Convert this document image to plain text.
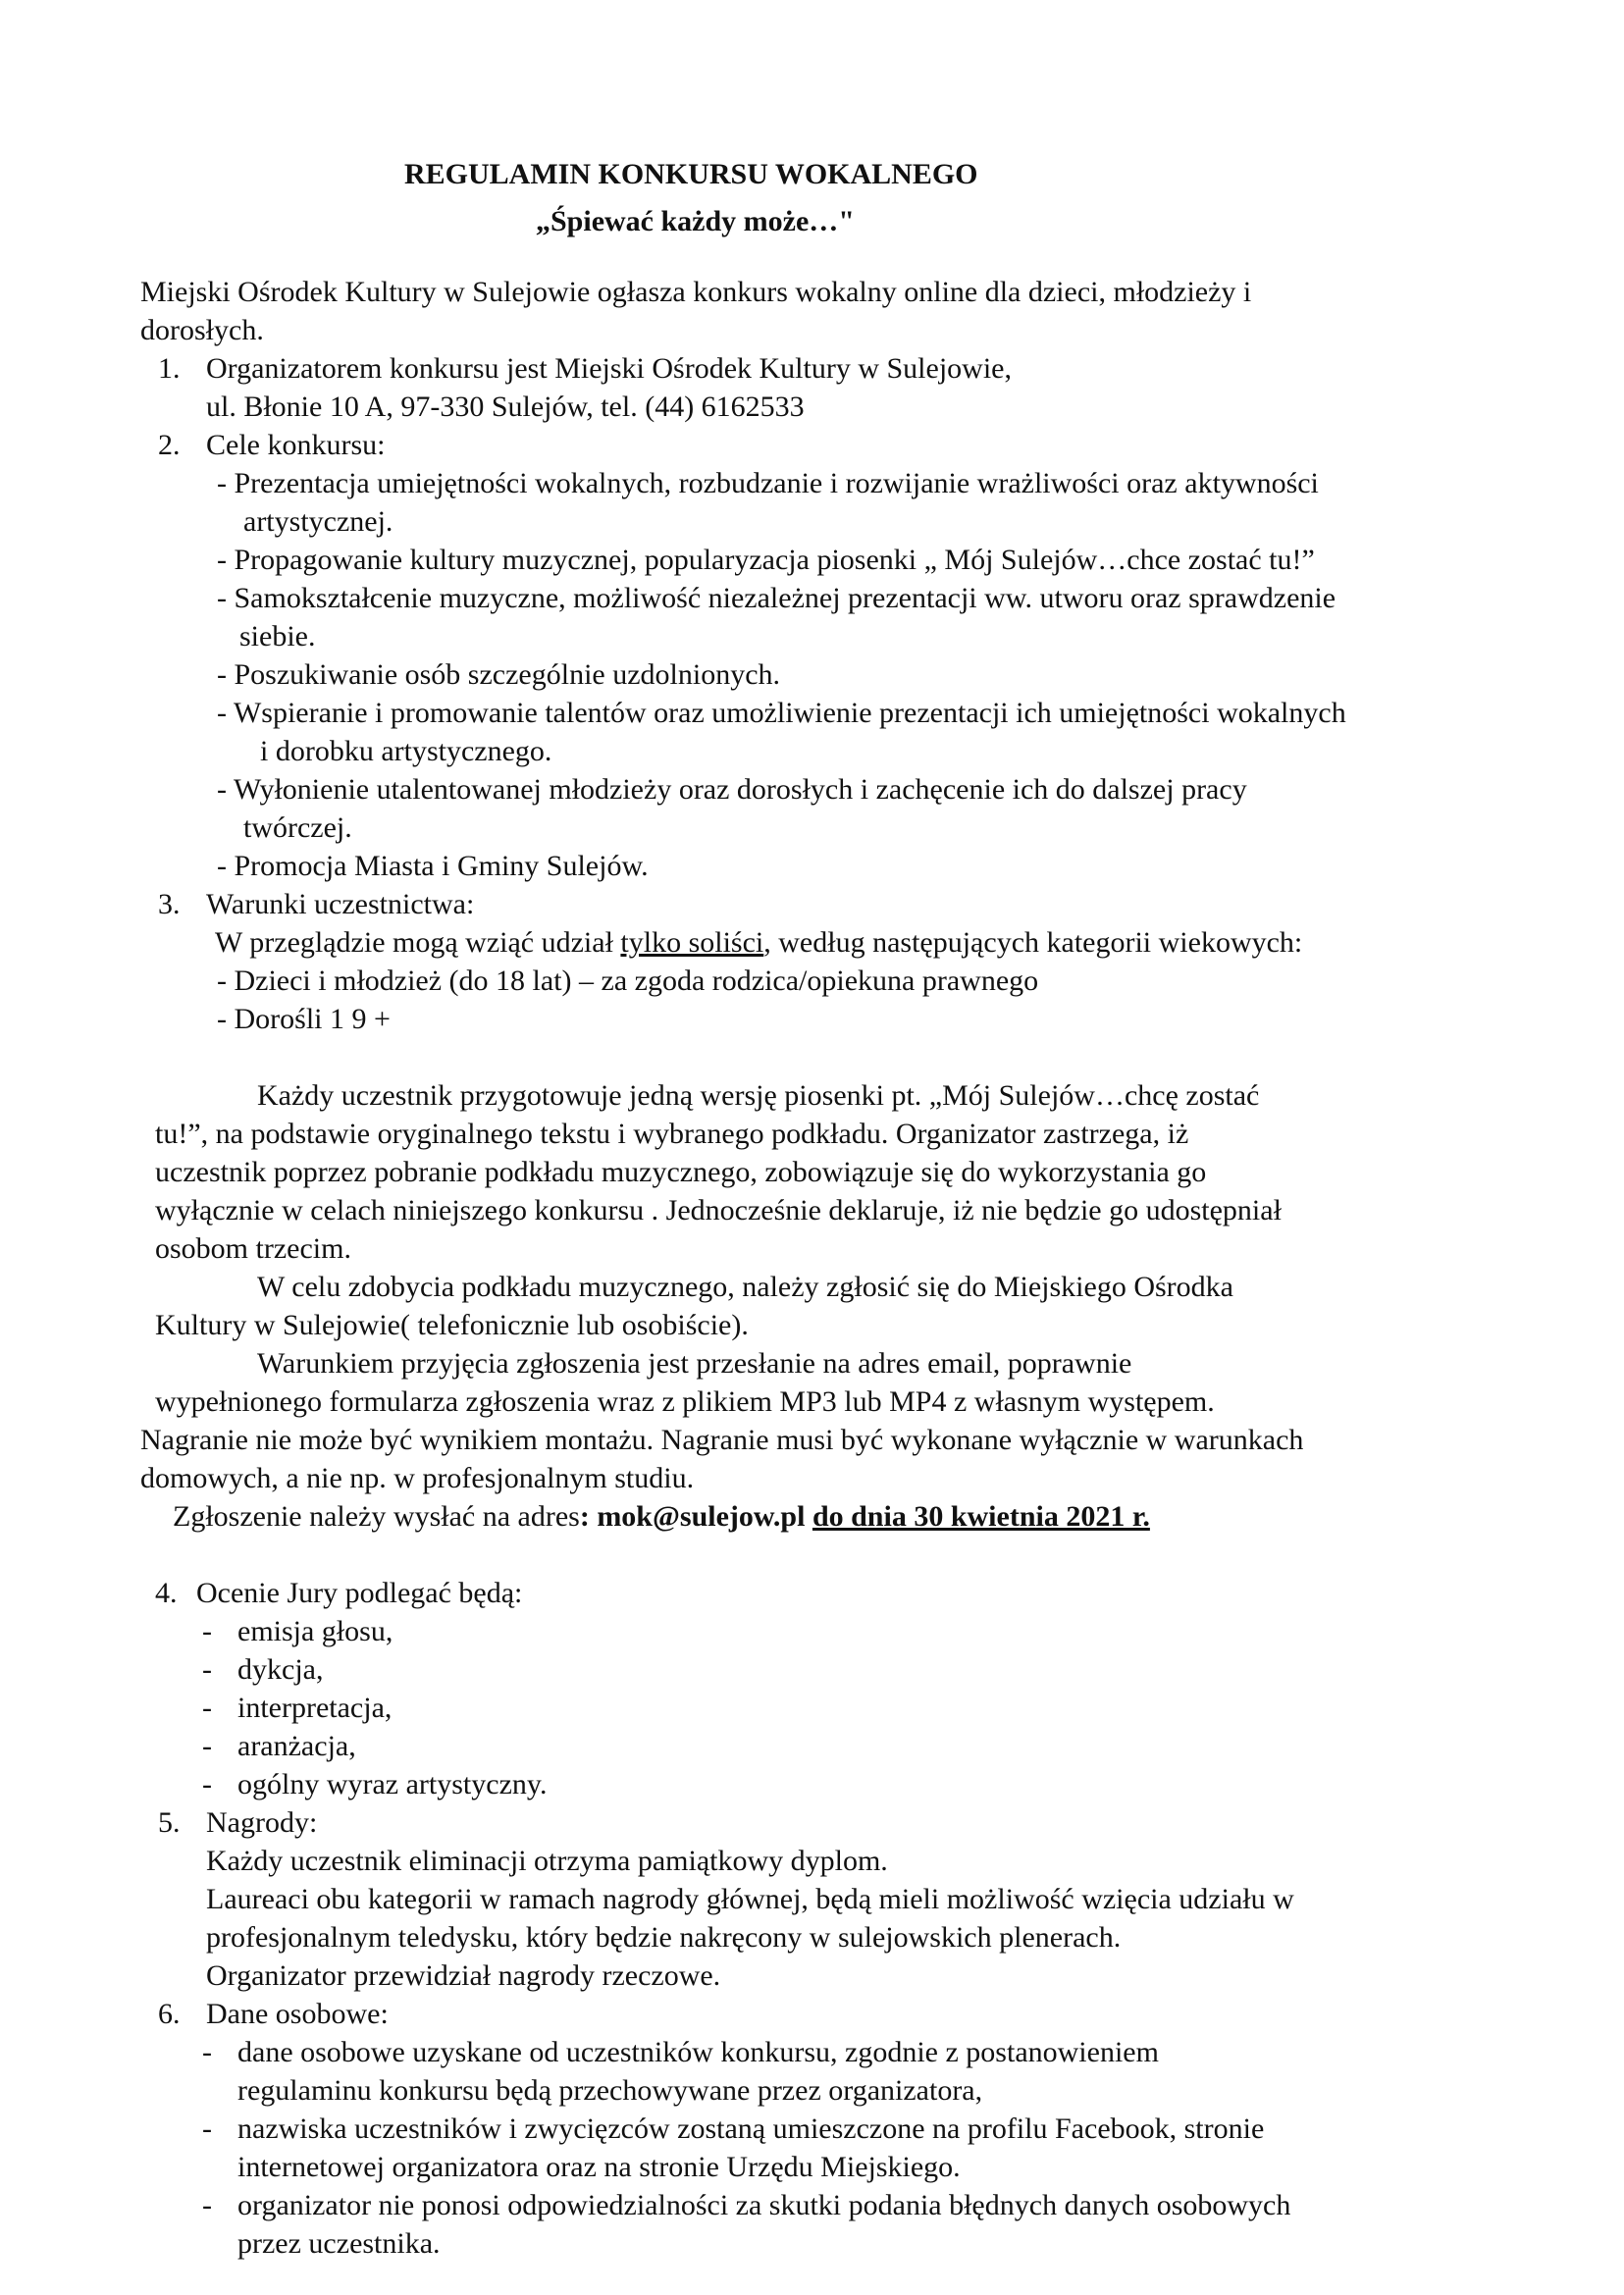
REGULAMIN KONKURSU WOKALNEGO

„Śpiewać każdy może…"

Miejski Ośrodek Kultury w Sulejowie ogłasza konkurs wokalny online dla dzieci, młodzieży i

dorosłych.

1. Organizatorem konkursu jest Miejski Ośrodek Kultury w Sulejowie,

ul. Błonie 10 A, 97-330 Sulejów, tel. (44) 6162533

2. Cele konkursu:

- Prezentacja umiejętności wokalnych, rozbudzanie i rozwijanie wrażliwości oraz aktywności

artystycznej.

- Propagowanie kultury muzycznej, popularyzacja piosenki „ Mój Sulejów…chce zostać tu!”

- Samokształcenie muzyczne, możliwość niezależnej prezentacji ww. utworu oraz sprawdzenie

siebie.

- Poszukiwanie osób szczególnie uzdolnionych.

- Wspieranie i promowanie talentów oraz umożliwienie prezentacji ich umiejętności wokalnych

i dorobku artystycznego.

- Wyłonienie utalentowanej młodzieży oraz dorosłych i zachęcenie ich do dalszej pracy

twórczej.

- Promocja Miasta i Gminy Sulejów.

3. Warunki uczestnictwa:

W przeglądzie mogą wziąć udział tylko soliści, według następujących kategorii wiekowych:

- Dzieci i młodzież (do 18 lat) – za zgoda rodzica/opiekuna prawnego

- Dorośli 1 9 +

Każdy uczestnik przygotowuje jedną wersję piosenki pt. „Mój Sulejów…chcę zostać

tu!”, na podstawie oryginalnego tekstu i wybranego podkładu. Organizator zastrzega, iż

uczestnik poprzez pobranie podkładu muzycznego, zobowiązuje się do wykorzystania go

wyłącznie w celach niniejszego konkursu . Jednocześnie deklaruje, iż nie będzie go udostępniał

osobom trzecim.

W celu zdobycia podkładu muzycznego, należy zgłosić się do Miejskiego Ośrodka

Kultury w Sulejowie( telefonicznie lub osobiście).

Warunkiem przyjęcia zgłoszenia jest przesłanie na adres email, poprawnie

wypełnionego formularza zgłoszenia wraz z plikiem MP3 lub MP4 z własnym występem.

Nagranie nie może być wynikiem montażu. Nagranie musi być wykonane wyłącznie w warunkach

domowych, a nie np. w profesjonalnym studiu.

Zgłoszenie należy wysłać na adres: mok@sulejow.pl do dnia 30 kwietnia 2021 r.

4. Ocenie Jury podlegać będą:

- emisja głosu,

- dykcja,

- interpretacja,

- aranżacja,

- ogólny wyraz artystyczny.

5. Nagrody:

Każdy uczestnik eliminacji otrzyma pamiątkowy dyplom.

Laureaci obu kategorii w ramach nagrody głównej, będą mieli możliwość wzięcia udziału w

profesjonalnym teledysku, który będzie nakręcony w sulejowskich plenerach.

Organizator przewidział nagrody rzeczowe.

6. Dane osobowe:

- dane osobowe uzyskane od uczestników konkursu, zgodnie z postanowieniem

regulaminu konkursu będą przechowywane przez organizatora,

- nazwiska uczestników i zwycięzców zostaną umieszczone na profilu Facebook, stronie

internetowej organizatora oraz na stronie Urzędu Miejskiego.

- organizator nie ponosi odpowiedzialności za skutki podania błędnych danych osobowych

przez uczestnika.
